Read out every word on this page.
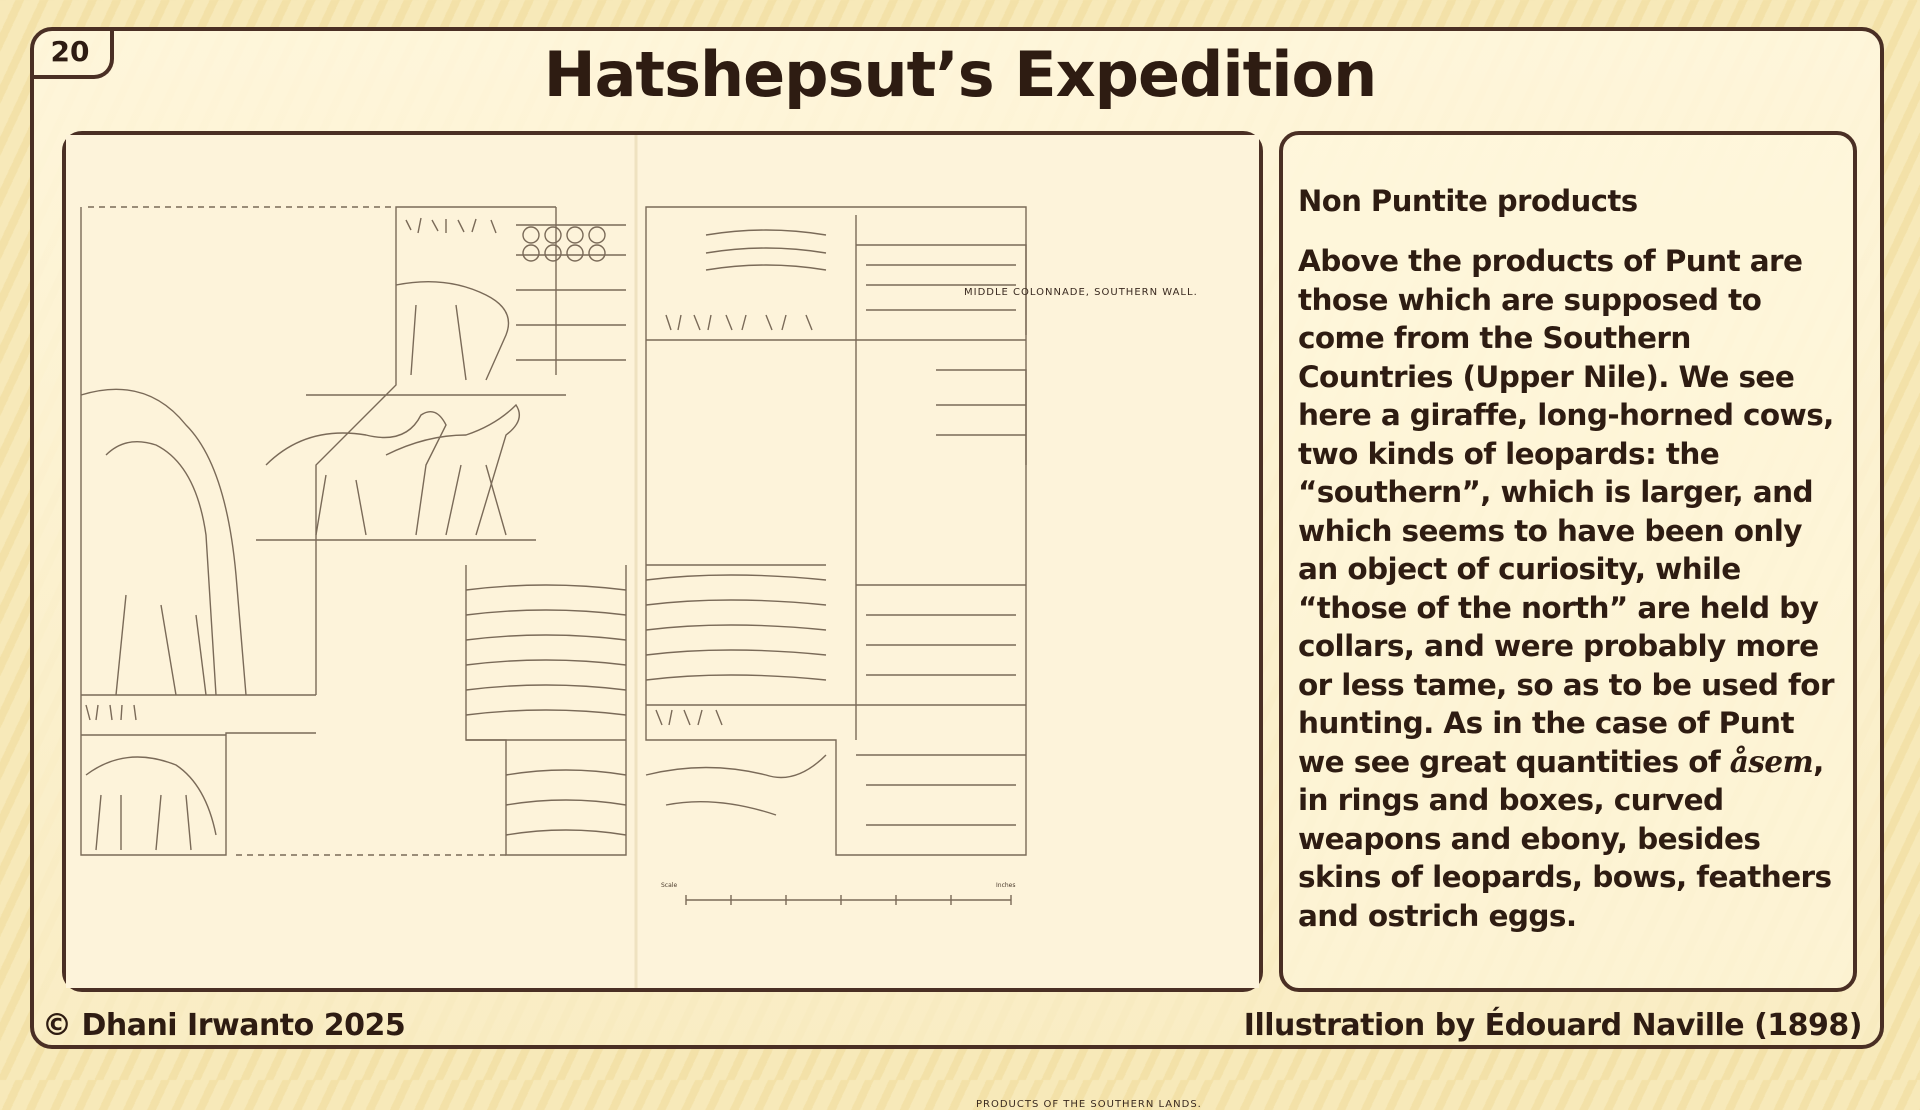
20	Hatshepsut’s Expedition
Scale	Inches
MIDDLE COLONNADE, SOUTHERN WALL.
PRODUCTS OF THE SOUTHERN LANDS.
Non Puntite products

Above the products of Punt are those which are supposed to come from the Southern Countries (Upper Nile). We see here a giraffe, long-horned cows, two kinds of leopards: the “southern”, which is larger, and which seems to have been only an object of curiosity, while “those of the north” are held by collars, and were probably more or less tame, so as to be used for hunting. As in the case of Punt we see great quantities of åsem, in rings and boxes, curved weapons and ebony, besides skins of leopards, bows, feathers and ostrich eggs.

© Dhani Irwanto 2025	Illustration by Édouard Naville (1898)
